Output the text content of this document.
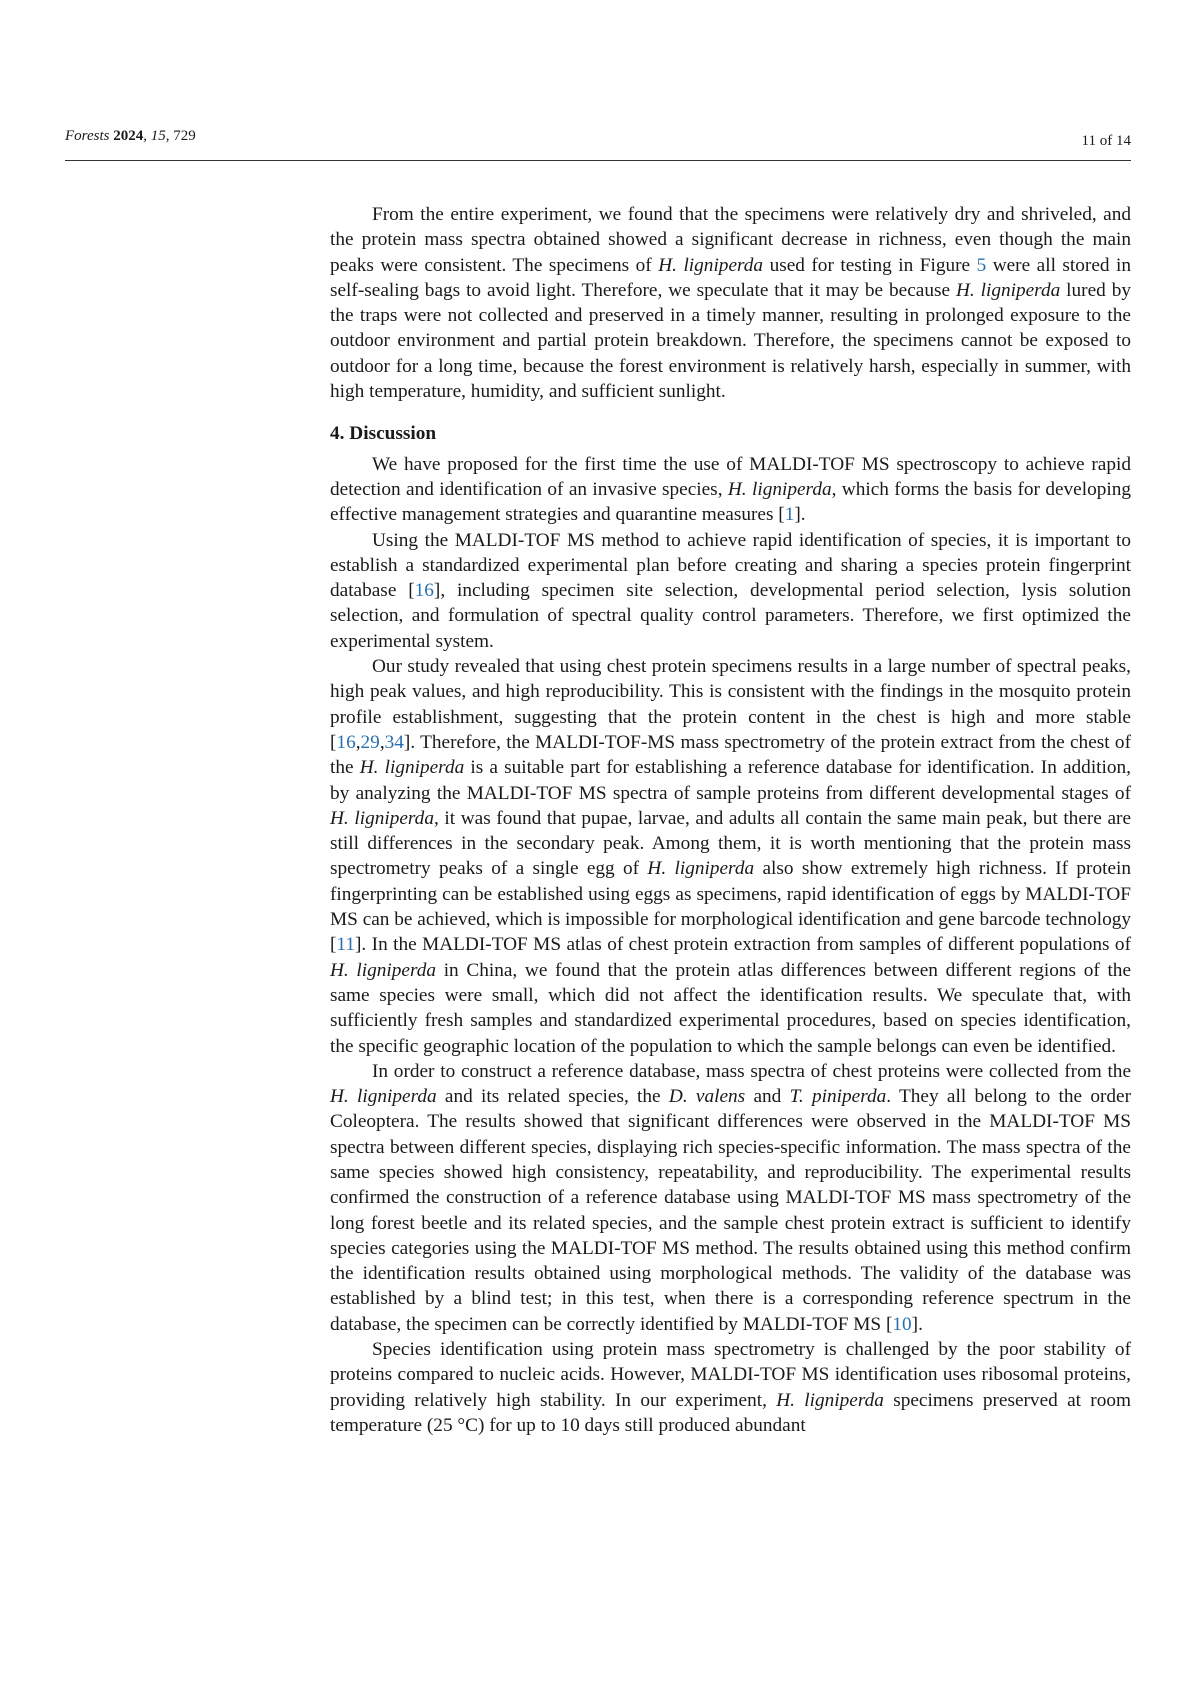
Forests 2024, 15, 729	11 of 14

From the entire experiment, we found that the specimens were relatively dry and shriveled, and the protein mass spectra obtained showed a significant decrease in richness, even though the main peaks were consistent. The specimens of H. ligniperda used for testing in Figure 5 were all stored in self-sealing bags to avoid light. Therefore, we speculate that it may be because H. ligniperda lured by the traps were not collected and preserved in a timely manner, resulting in prolonged exposure to the outdoor environment and partial protein breakdown. Therefore, the specimens cannot be exposed to outdoor for a long time, because the forest environment is relatively harsh, especially in summer, with high temperature, humidity, and sufficient sunlight.

4. Discussion

We have proposed for the first time the use of MALDI-TOF MS spectroscopy to achieve rapid detection and identification of an invasive species, H. ligniperda, which forms the basis for developing effective management strategies and quarantine measures [1].

Using the MALDI-TOF MS method to achieve rapid identification of species, it is important to establish a standardized experimental plan before creating and sharing a species protein fingerprint database [16], including specimen site selection, developmental period selection, lysis solution selection, and formulation of spectral quality control parameters. Therefore, we first optimized the experimental system.

Our study revealed that using chest protein specimens results in a large number of spectral peaks, high peak values, and high reproducibility. This is consistent with the findings in the mosquito protein profile establishment, suggesting that the protein content in the chest is high and more stable [16,29,34]. Therefore, the MALDI-TOF-MS mass spectrometry of the protein extract from the chest of the H. ligniperda is a suitable part for establishing a reference database for identification. In addition, by analyzing the MALDI-TOF MS spectra of sample proteins from different developmental stages of H. ligniperda, it was found that pupae, larvae, and adults all contain the same main peak, but there are still differences in the secondary peak. Among them, it is worth mentioning that the protein mass spectrometry peaks of a single egg of H. ligniperda also show extremely high richness. If protein fingerprinting can be established using eggs as specimens, rapid identification of eggs by MALDI-TOF MS can be achieved, which is impossible for morphological identification and gene barcode technology [11]. In the MALDI-TOF MS atlas of chest protein extraction from samples of different populations of H. ligniperda in China, we found that the protein atlas differences between different regions of the same species were small, which did not affect the identification results. We speculate that, with sufficiently fresh samples and standardized experimental procedures, based on species identification, the specific geographic location of the population to which the sample belongs can even be identified.

In order to construct a reference database, mass spectra of chest proteins were collected from the H. ligniperda and its related species, the D. valens and T. piniperda. They all belong to the order Coleoptera. The results showed that significant differences were observed in the MALDI-TOF MS spectra between different species, displaying rich species-specific information. The mass spectra of the same species showed high consistency, repeatability, and reproducibility. The experimental results confirmed the construction of a reference database using MALDI-TOF MS mass spectrometry of the long forest beetle and its related species, and the sample chest protein extract is sufficient to identify species categories using the MALDI-TOF MS method. The results obtained using this method confirm the identification results obtained using morphological methods. The validity of the database was established by a blind test; in this test, when there is a corresponding reference spectrum in the database, the specimen can be correctly identified by MALDI-TOF MS [10].

Species identification using protein mass spectrometry is challenged by the poor stability of proteins compared to nucleic acids. However, MALDI-TOF MS identification uses ribosomal proteins, providing relatively high stability. In our experiment, H. ligniperda specimens preserved at room temperature (25 °C) for up to 10 days still produced abundant
